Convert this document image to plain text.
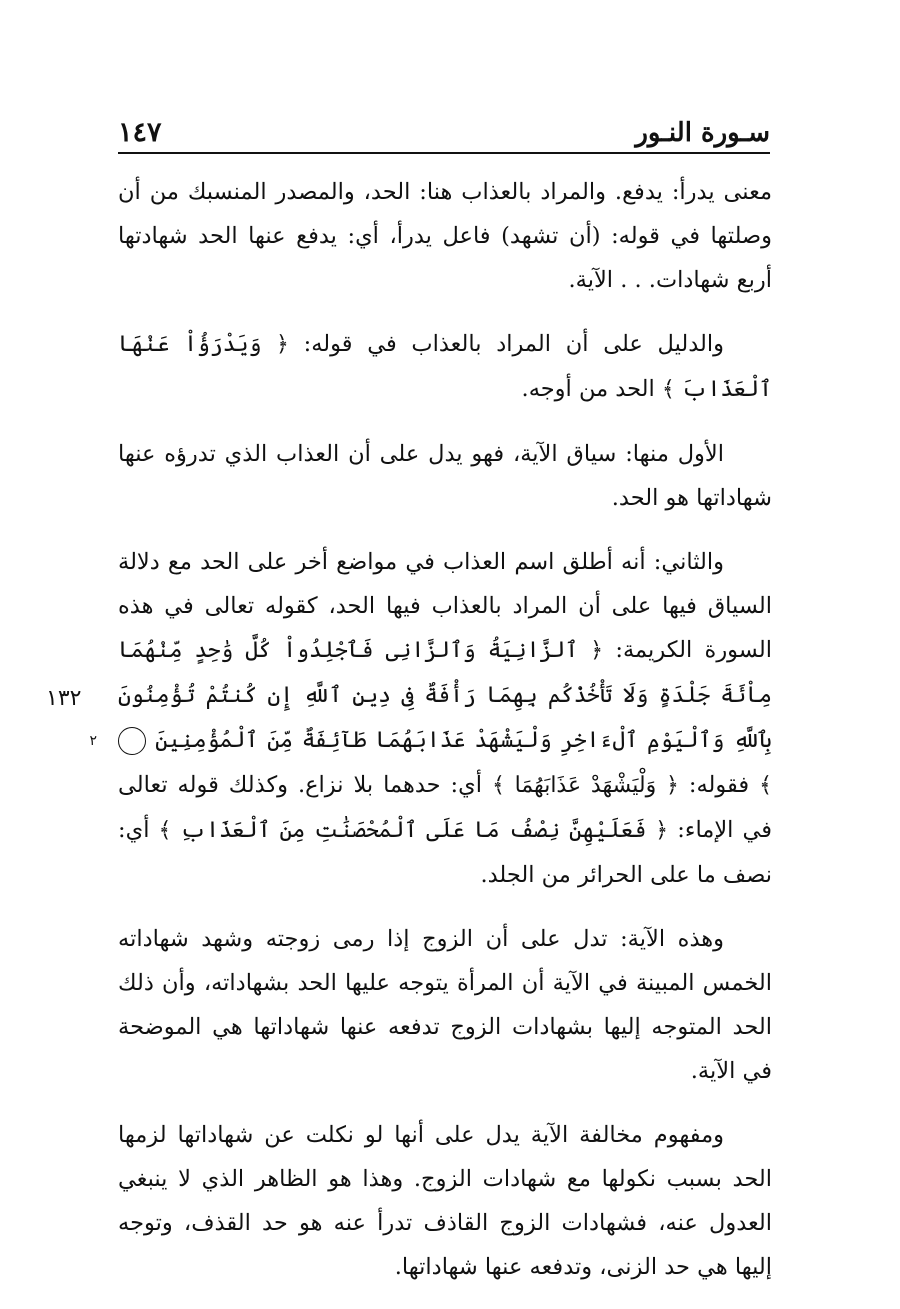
سـورة النـور
١٤٧
١٣٢

معنى يدرأ: يدفع. والمراد بالعذاب هنا: الحد، والمصدر المنسبك من أن وصلتها في قوله: (أن تشهد) فاعل يدرأ، أي: يدفع عنها الحد شهادتها أربع شهادات. . . الآية.

والدليل على أن المراد بالعذاب في قوله: ﴿ وَيَدْرَؤُاْ عَنْهَا ٱلْعَذَابَ ﴾ الحد من أوجه.

الأول منها: سياق الآية، فهو يدل على أن العذاب الذي تدرؤه عنها شهاداتها هو الحد.

والثاني: أنه أطلق اسم العذاب في مواضع أخر على الحد مع دلالة السياق فيها على أن المراد بالعذاب فيها الحد، كقوله تعالى في هذه السورة الكريمة: ﴿ ٱلزَّانِيَةُ وَٱلزَّانِى فَٱجْلِدُواْ كُلَّ وَٰحِدٍ مِّنْهُمَا مِاْئَةَ جَلْدَةٍ وَلَا تَأْخُذْكُم بِهِمَا رَأْفَةٌ فِى دِينِ ٱللَّهِ إِن كُنتُمْ تُؤْمِنُونَ بِٱللَّهِ وَٱلْيَوْمِ ٱلْءَاخِرِ وَلْيَشْهَدْ عَذَابَهُمَا طَآئِفَةٌ مِّنَ ٱلْمُؤْمِنِينَ ٢ ﴾ فقوله: ﴿ وَلْيَشْهَدْ عَذَابَهُمَا ﴾ أي: حدهما بلا نزاع. وكذلك قوله تعالى في الإماء: ﴿ فَعَلَيْهِنَّ نِصْفُ مَا عَلَى ٱلْمُحْصَنَٰتِ مِنَ ٱلْعَذَابِ ﴾ أي: نصف ما على الحرائر من الجلد.

وهذه الآية: تدل على أن الزوج إذا رمى زوجته وشهد شهاداته الخمس المبينة في الآية أن المرأة يتوجه عليها الحد بشهاداته، وأن ذلك الحد المتوجه إليها بشهادات الزوج تدفعه عنها شهاداتها هي الموضحة في الآية.

ومفهوم مخالفة الآية يدل على أنها لو نكلت عن شهاداتها لزمها الحد بسبب نكولها مع شهادات الزوج. وهذا هو الظاهر الذي لا ينبغي العدول عنه، فشهادات الزوج القاذف تدرأ عنه هو حد القذف، وتوجه إليها هي حد الزنى، وتدفعه عنها شهاداتها.
